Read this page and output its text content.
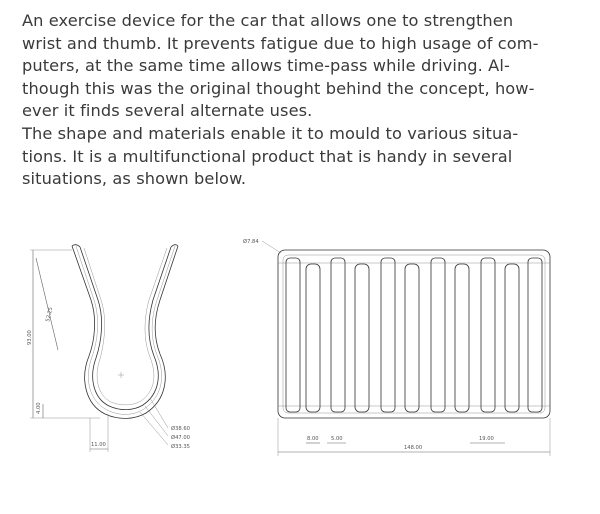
An exercise device for the car that allows one to strengthen
wrist and thumb. It prevents fatigue due to high usage of com-
puters, at the same time allows time-pass while driving. Al-
though this was the original thought behind the concept, how-
ever it finds several alternate uses.
The shape and materials enable it to mould to various situa-
tions. It is a multifunctional product that is handy in several
situations, as shown below.
93.00
52.25
4.00
11.00
Ø38.60
Ø47.00
Ø33.35
Ø7.84
148.00
8.00 5.00	19.00
